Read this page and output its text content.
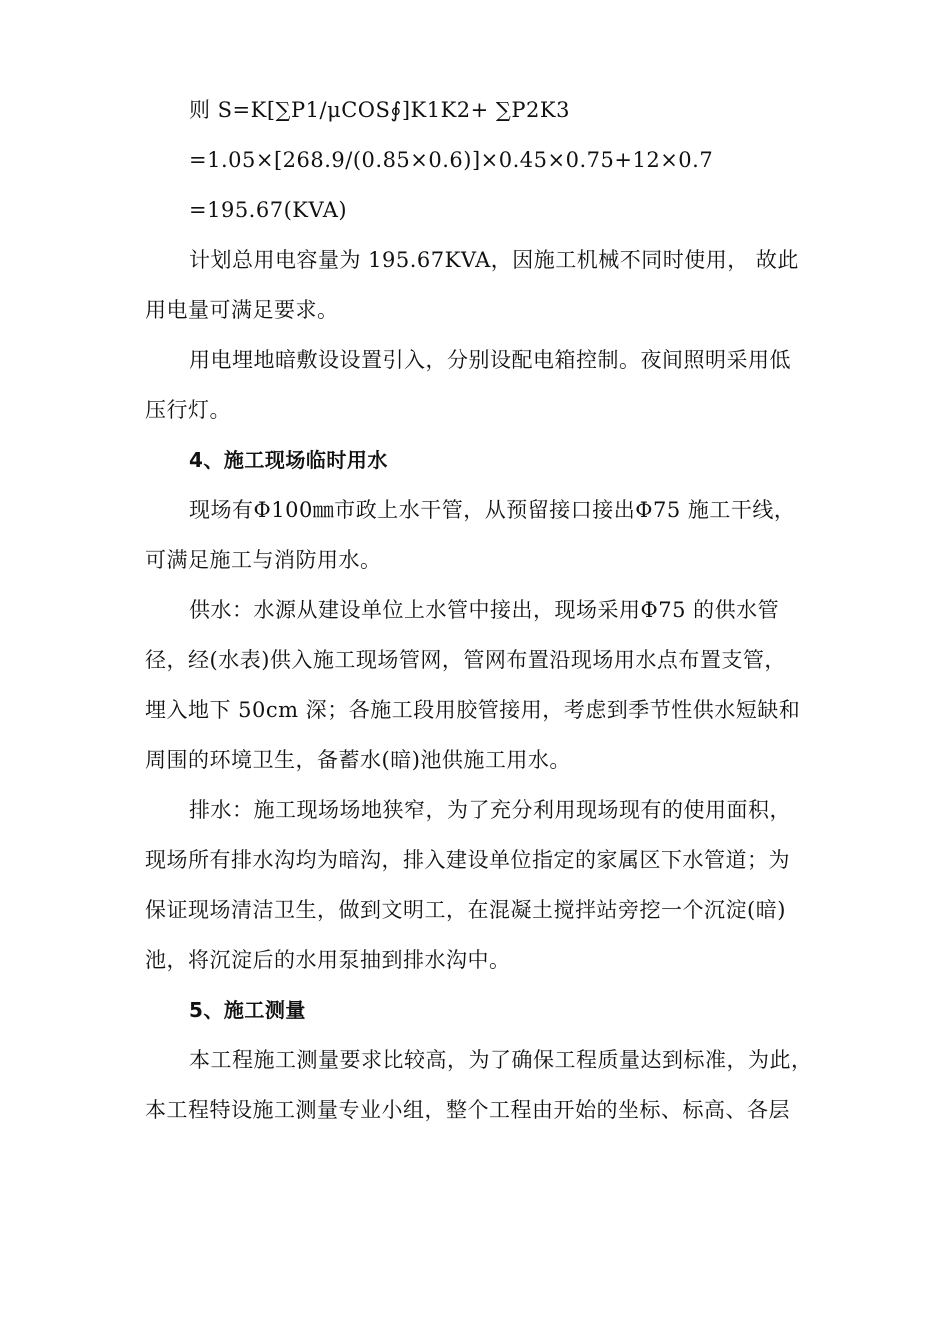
则 S=K[∑P1/μCOS∮]K1K2+ ∑P2K3
=1.05×[268.9/(0.85×0.6)]×0.45×0.75+12×0.7
=195.67(KVA)
计划总用电容量为 195.67KVA，因施工机械不同时使用， 故此
用电量可满足要求。
用电埋地暗敷设设置引入，分别设配电箱控制。夜间照明采用低
压行灯。
4、施工现场临时用水
现场有Φ100㎜市政上水干管，从预留接口接出Φ75 施工干线，
可满足施工与消防用水。
供水：水源从建设单位上水管中接出，现场采用Φ75 的供水管
径，经(水表)供入施工现场管网，管网布置沿现场用水点布置支管，
埋入地下 50cm 深；各施工段用胶管接用，考虑到季节性供水短缺和
周围的环境卫生，备蓄水(暗)池供施工用水。
排水：施工现场场地狭窄，为了充分利用现场现有的使用面积，
现场所有排水沟均为暗沟，排入建设单位指定的家属区下水管道；为
保证现场清洁卫生，做到文明工，在混凝土搅拌站旁挖一个沉淀(暗)
池，将沉淀后的水用泵抽到排水沟中。
5、施工测量
本工程施工测量要求比较高，为了确保工程质量达到标准，为此，
本工程特设施工测量专业小组，整个工程由开始的坐标、标高、各层
